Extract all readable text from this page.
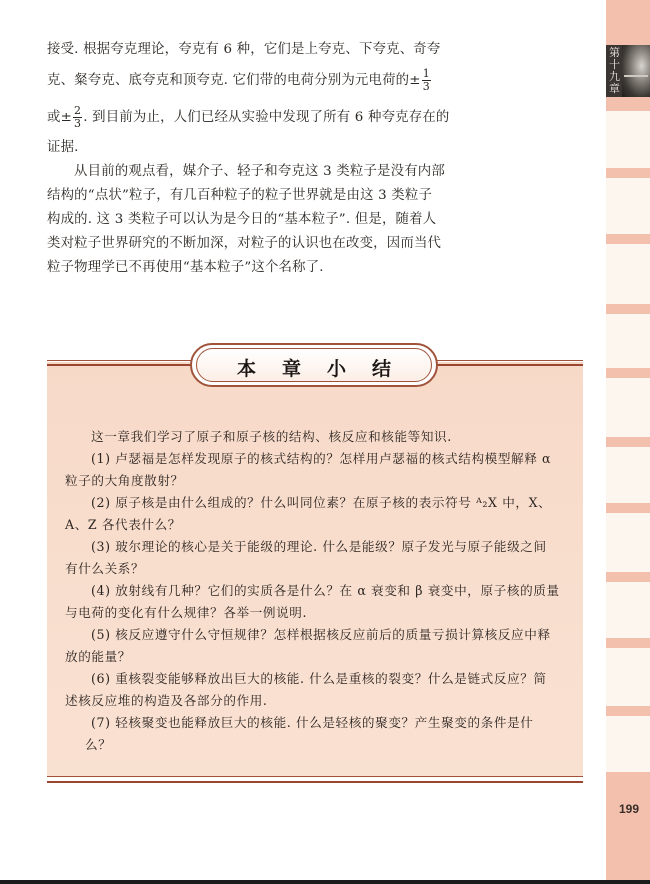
第十九章
199

接受. 根据夸克理论，夸克有 6 种，它们是上夸克、下夸克、奇夸
克、粲夸克、底夸克和顶夸克. 它们带的电荷分别为元电荷的± $\frac{1}{3}$
或± $\frac{2}{3}$ . 到目前为止，人们已经从实验中发现了所有 6 种夸克存在的
证据.

从目前的观点看，媒介子、轻子和夸克这 3 类粒子是没有内部
结构的“点状”粒子，有几百种粒子的粒子世界就是由这 3 类粒子
构成的. 这 3 类粒子可以认为是今日的“基本粒子”. 但是，随着人
类对粒子世界研究的不断加深，对粒子的认识也在改变，因而当代
粒子物理学已不再使用“基本粒子”这个名称了.

本章小结
这一章我们学习了原子和原子核的结构、核反应和核能等知识.
(1) 卢瑟福是怎样发现原子的核式结构的？怎样用卢瑟福的核式结构模型解释 α
粒子的大角度散射？
(2) 原子核是由什么组成的？什么叫同位素？在原子核的表示符号 ᴬ₂X 中，X、
A、Z 各代表什么？
(3) 玻尔理论的核心是关于能级的理论. 什么是能级？原子发光与原子能级之间
有什么关系？
(4) 放射线有几种？它们的实质各是什么？在 α 衰变和 β 衰变中，原子核的质量
与电荷的变化有什么规律？各举一例说明.
(5) 核反应遵守什么守恒规律？怎样根据核反应前后的质量亏损计算核反应中释
放的能量？
(6) 重核裂变能够释放出巨大的核能. 什么是重核的裂变？什么是链式反应？简
述核反应堆的构造及各部分的作用.
(7) 轻核聚变也能释放巨大的核能. 什么是轻核的聚变？产生聚变的条件是什
么？
